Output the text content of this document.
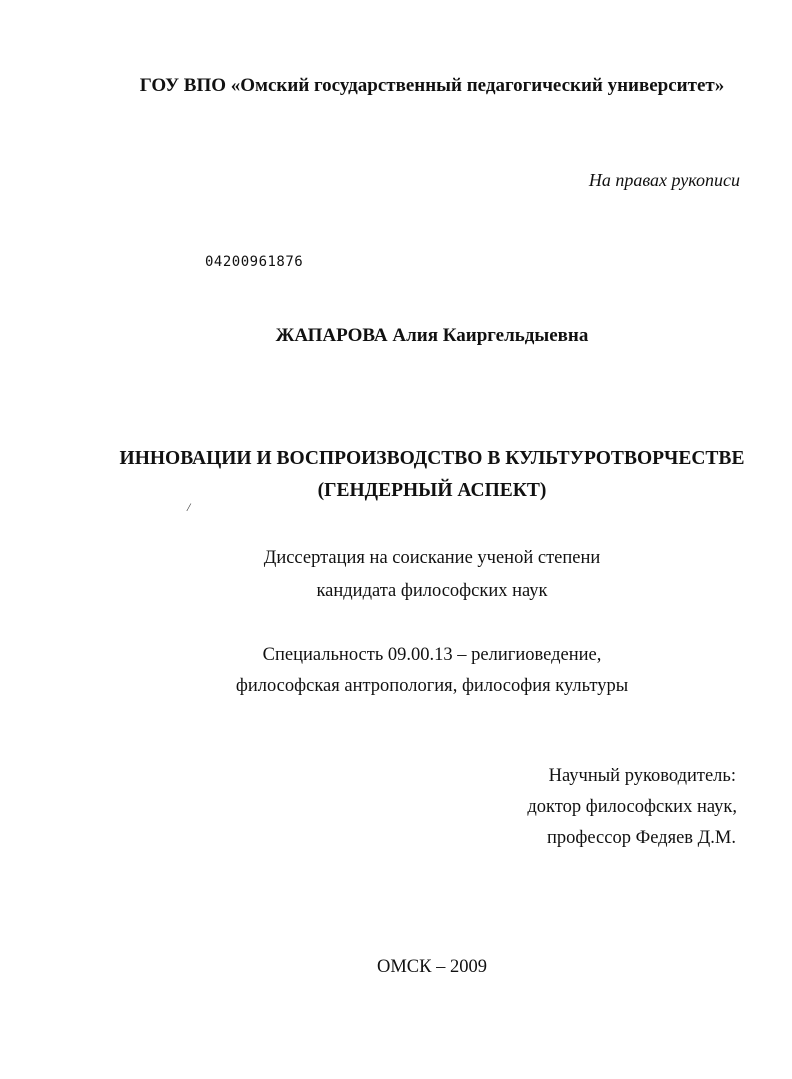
ГОУ ВПО «Омский государственный педагогический университет»
На правах рукописи
04200961876
ЖАПАРОВА Алия Каиргельдыевна
ИННОВАЦИИ И ВОСПРОИЗВОДСТВО В КУЛЬТУРОТВОРЧЕСТВЕ
(ГЕНДЕРНЫЙ АСПЕКТ)
/
Диссертация на соискание ученой степени
кандидата философских наук
Специальность 09.00.13 – религиоведение,
философская антропология, философия культуры
Научный руководитель:
доктор философских наук,
профессор Федяев Д.М.
ОМСК – 2009
